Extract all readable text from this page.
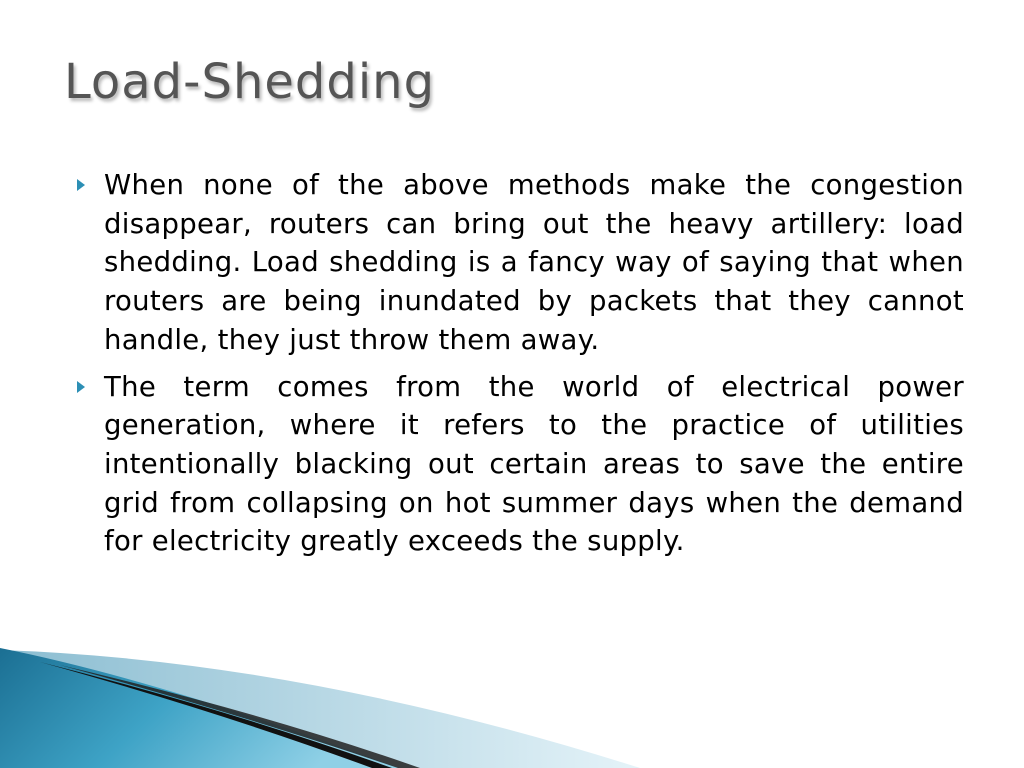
Load-Shedding

When none of the above methods make the congestion disappear, routers can bring out the heavy artillery: load shedding. Load shedding is a fancy way of saying that when routers are being inundated by packets that they cannot handle, they just throw them away.

The term comes from the world of electrical power generation, where it refers to the practice of utilities intentionally blacking out certain areas to save the entire grid from collapsing on hot summer days when the demand for electricity greatly exceeds the supply.
